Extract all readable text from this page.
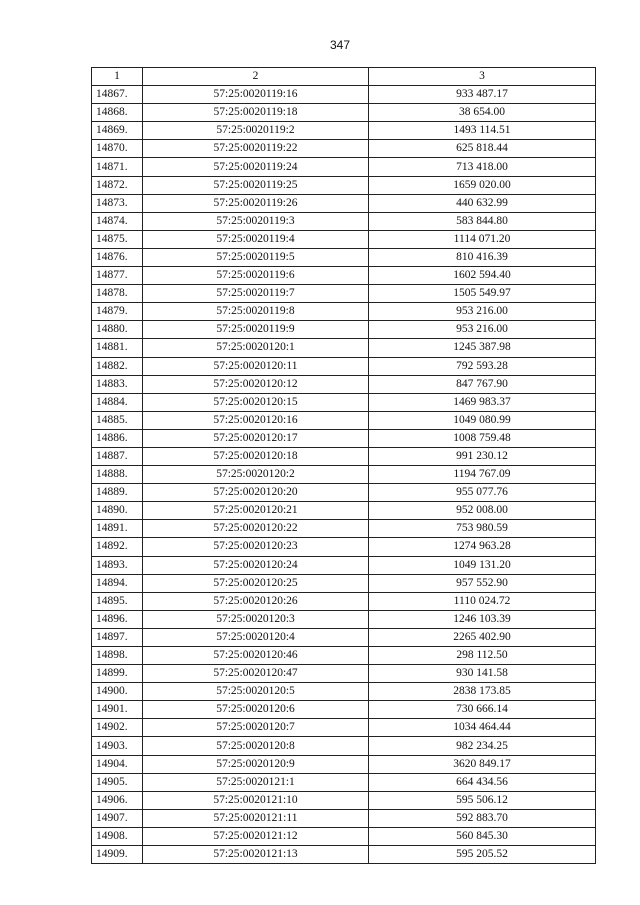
347
1	2	3
14867.	57:25:0020119:16	933 487.17
14868.	57:25:0020119:18	38 654.00
14869.	57:25:0020119:2	1493 114.51
14870.	57:25:0020119:22	625 818.44
14871.	57:25:0020119:24	713 418.00
14872.	57:25:0020119:25	1659 020.00
14873.	57:25:0020119:26	440 632.99
14874.	57:25:0020119:3	583 844.80
14875.	57:25:0020119:4	1114 071.20
14876.	57:25:0020119:5	810 416.39
14877.	57:25:0020119:6	1602 594.40
14878.	57:25:0020119:7	1505 549.97
14879.	57:25:0020119:8	953 216.00
14880.	57:25:0020119:9	953 216.00
14881.	57:25:0020120:1	1245 387.98
14882.	57:25:0020120:11	792 593.28
14883.	57:25:0020120:12	847 767.90
14884.	57:25:0020120:15	1469 983.37
14885.	57:25:0020120:16	1049 080.99
14886.	57:25:0020120:17	1008 759.48
14887.	57:25:0020120:18	991 230.12
14888.	57:25:0020120:2	1194 767.09
14889.	57:25:0020120:20	955 077.76
14890.	57:25:0020120:21	952 008.00
14891.	57:25:0020120:22	753 980.59
14892.	57:25:0020120:23	1274 963.28
14893.	57:25:0020120:24	1049 131.20
14894.	57:25:0020120:25	957 552.90
14895.	57:25:0020120:26	1110 024.72
14896.	57:25:0020120:3	1246 103.39
14897.	57:25:0020120:4	2265 402.90
14898.	57:25:0020120:46	298 112.50
14899.	57:25:0020120:47	930 141.58
14900.	57:25:0020120:5	2838 173.85
14901.	57:25:0020120:6	730 666.14
14902.	57:25:0020120:7	1034 464.44
14903.	57:25:0020120:8	982 234.25
14904.	57:25:0020120:9	3620 849.17
14905.	57:25:0020121:1	664 434.56
14906.	57:25:0020121:10	595 506.12
14907.	57:25:0020121:11	592 883.70
14908.	57:25:0020121:12	560 845.30
14909.	57:25:0020121:13	595 205.52
